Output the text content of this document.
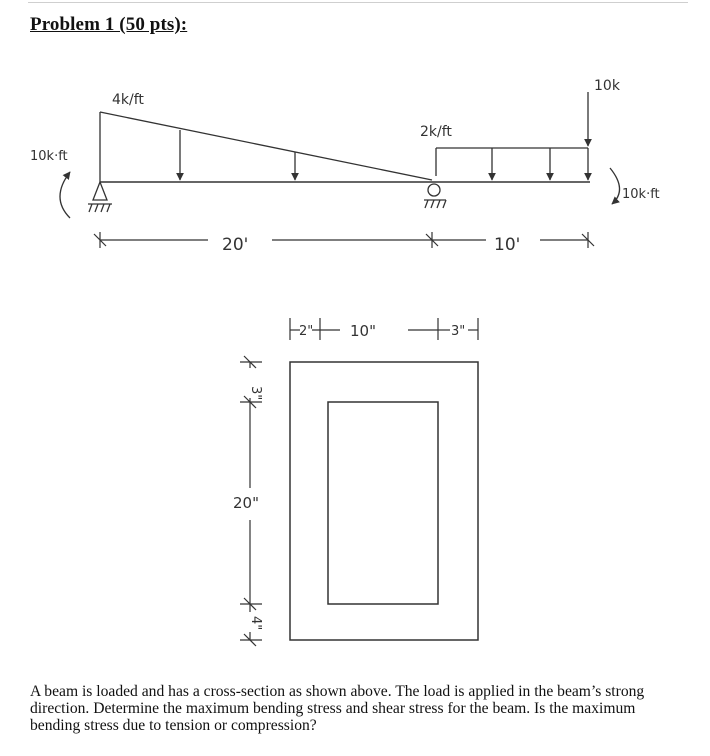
Problem 1 (50 pts):
4k/ft
2k/ft
10k
10k·ft
10k·ft
20'	10'
2" 10"	3"
3"
20"
4"
A beam is loaded and has a cross-section as shown above. The load is applied in the beam’s strong direction. Determine the maximum bending stress and shear stress for the beam. Is the maximum bending stress due to tension or compression?
